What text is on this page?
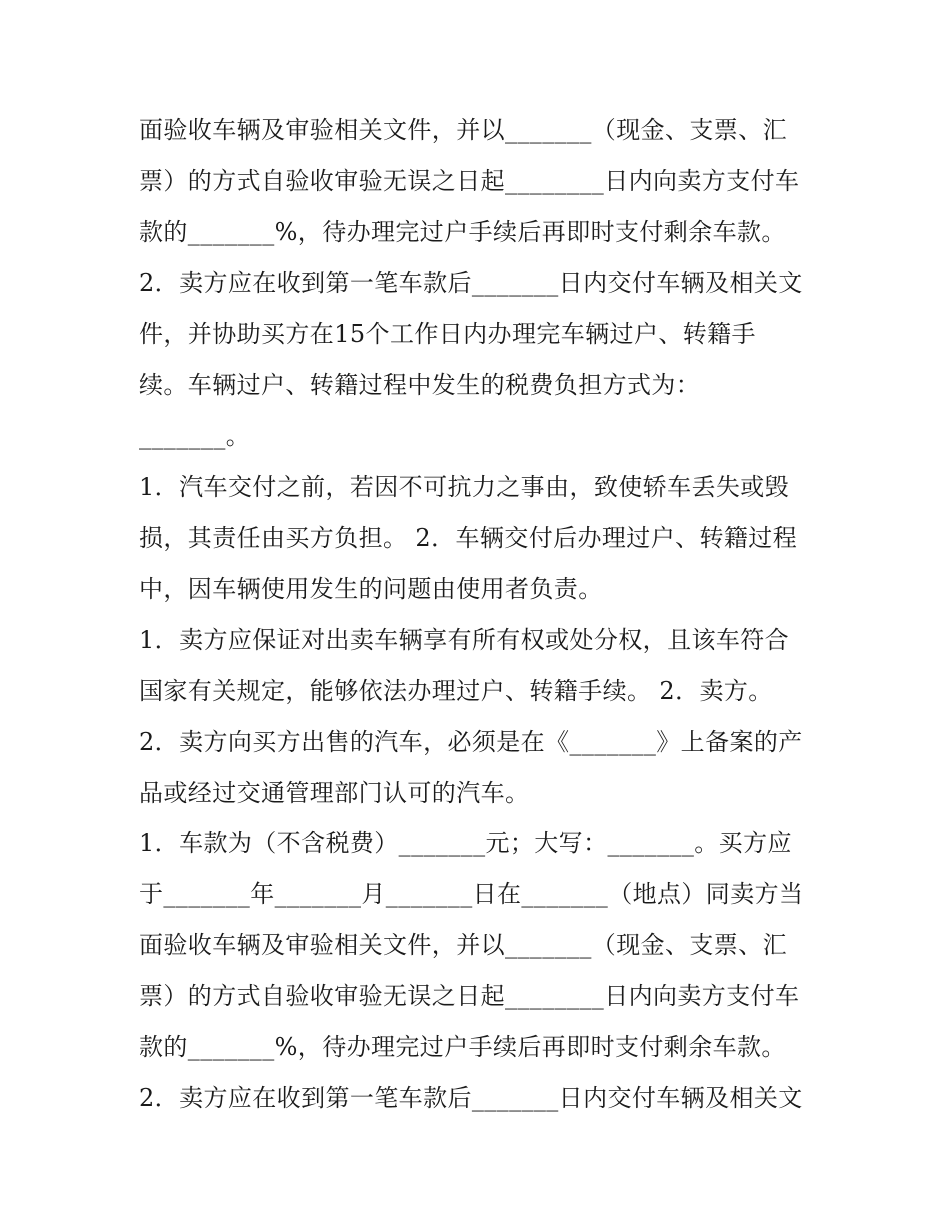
面验收车辆及审验相关文件，并以_______（现金、支票、汇
票）的方式自验收审验无误之日起________日内向卖方支付车
款的_______%，待办理完过户手续后再即时支付剩余车款。
2．卖方应在收到第一笔车款后_______日内交付车辆及相关文
件，并协助买方在15个工作日内办理完车辆过户、转籍手
续。车辆过户、转籍过程中发生的税费负担方式为：
_______。
1．汽车交付之前，若因不可抗力之事由，致使轿车丢失或毁
损，其责任由买方负担。 2．车辆交付后办理过户、转籍过程
中，因车辆使用发生的问题由使用者负责。
1．卖方应保证对出卖车辆享有所有权或处分权，且该车符合
国家有关规定，能够依法办理过户、转籍手续。 2．卖方。
2．卖方向买方出售的汽车，必须是在《_______》上备案的产
品或经过交通管理部门认可的汽车。
1．车款为（不含税费）_______元；大写：_______。买方应
于_______年_______月_______日在_______（地点）同卖方当
面验收车辆及审验相关文件，并以_______（现金、支票、汇
票）的方式自验收审验无误之日起________日内向卖方支付车
款的_______%，待办理完过户手续后再即时支付剩余车款。
2．卖方应在收到第一笔车款后_______日内交付车辆及相关文
